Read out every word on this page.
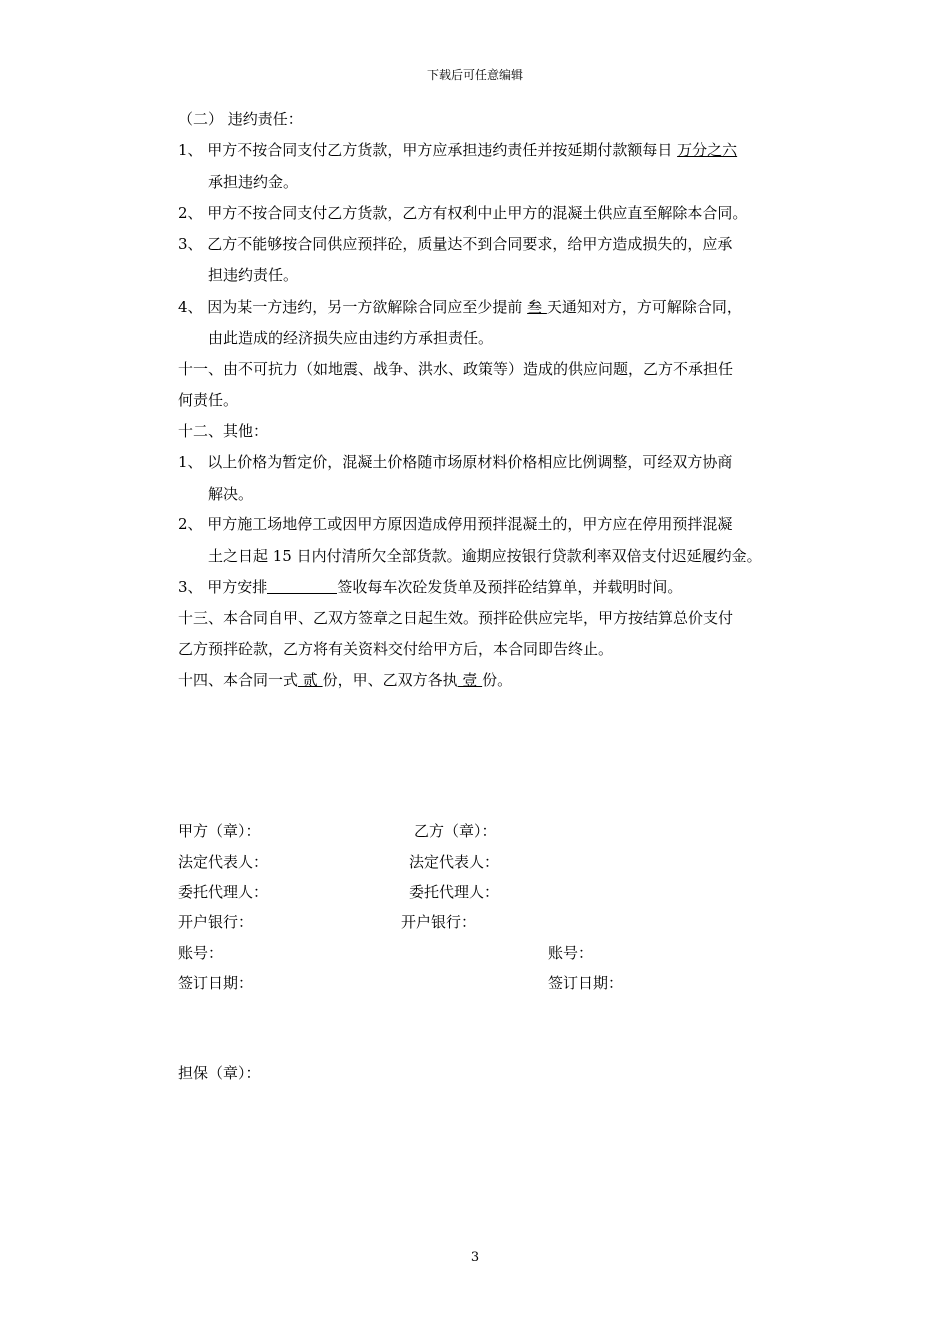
下载后可任意编辑
（二） 违约责任：
1、 甲方不按合同支付乙方货款，甲方应承担违约责任并按延期付款额每日 万分之六
承担违约金。
2、 甲方不按合同支付乙方货款，乙方有权利中止甲方的混凝土供应直至解除本合同。
3、 乙方不能够按合同供应预拌砼，质量达不到合同要求，给甲方造成损失的，应承
担违约责任。
4、 因为某一方违约，另一方欲解除合同应至少提前 叁 天通知对方，方可解除合同，
由此造成的经济损失应由违约方承担责任。
十一、由不可抗力（如地震、战争、洪水、政策等）造成的供应问题，乙方不承担任
何责任。
十二、其他：
1、 以上价格为暂定价，混凝土价格随市场原材料价格相应比例调整，可经双方协商
解决。
2、 甲方施工场地停工或因甲方原因造成停用预拌混凝土的，甲方应在停用预拌混凝
土之日起 15 日内付清所欠全部货款。逾期应按银行贷款利率双倍支付迟延履约金。
3、 甲方安排	签收每车次砼发货单及预拌砼结算单，并载明时间。
十三、本合同自甲、乙双方签章之日起生效。预拌砼供应完毕，甲方按结算总价支付
乙方预拌砼款，乙方将有关资料交付给甲方后，本合同即告终止。
十四、本合同一式 贰 份，甲、乙双方各执 壹 份。
甲方（章）：	乙方（章）：
法定代表人：	法定代表人：
委托代理人：	委托代理人：
开户银行：	开户银行：
账号：	账号：
签订日期：	签订日期：
担保（章）：
3
